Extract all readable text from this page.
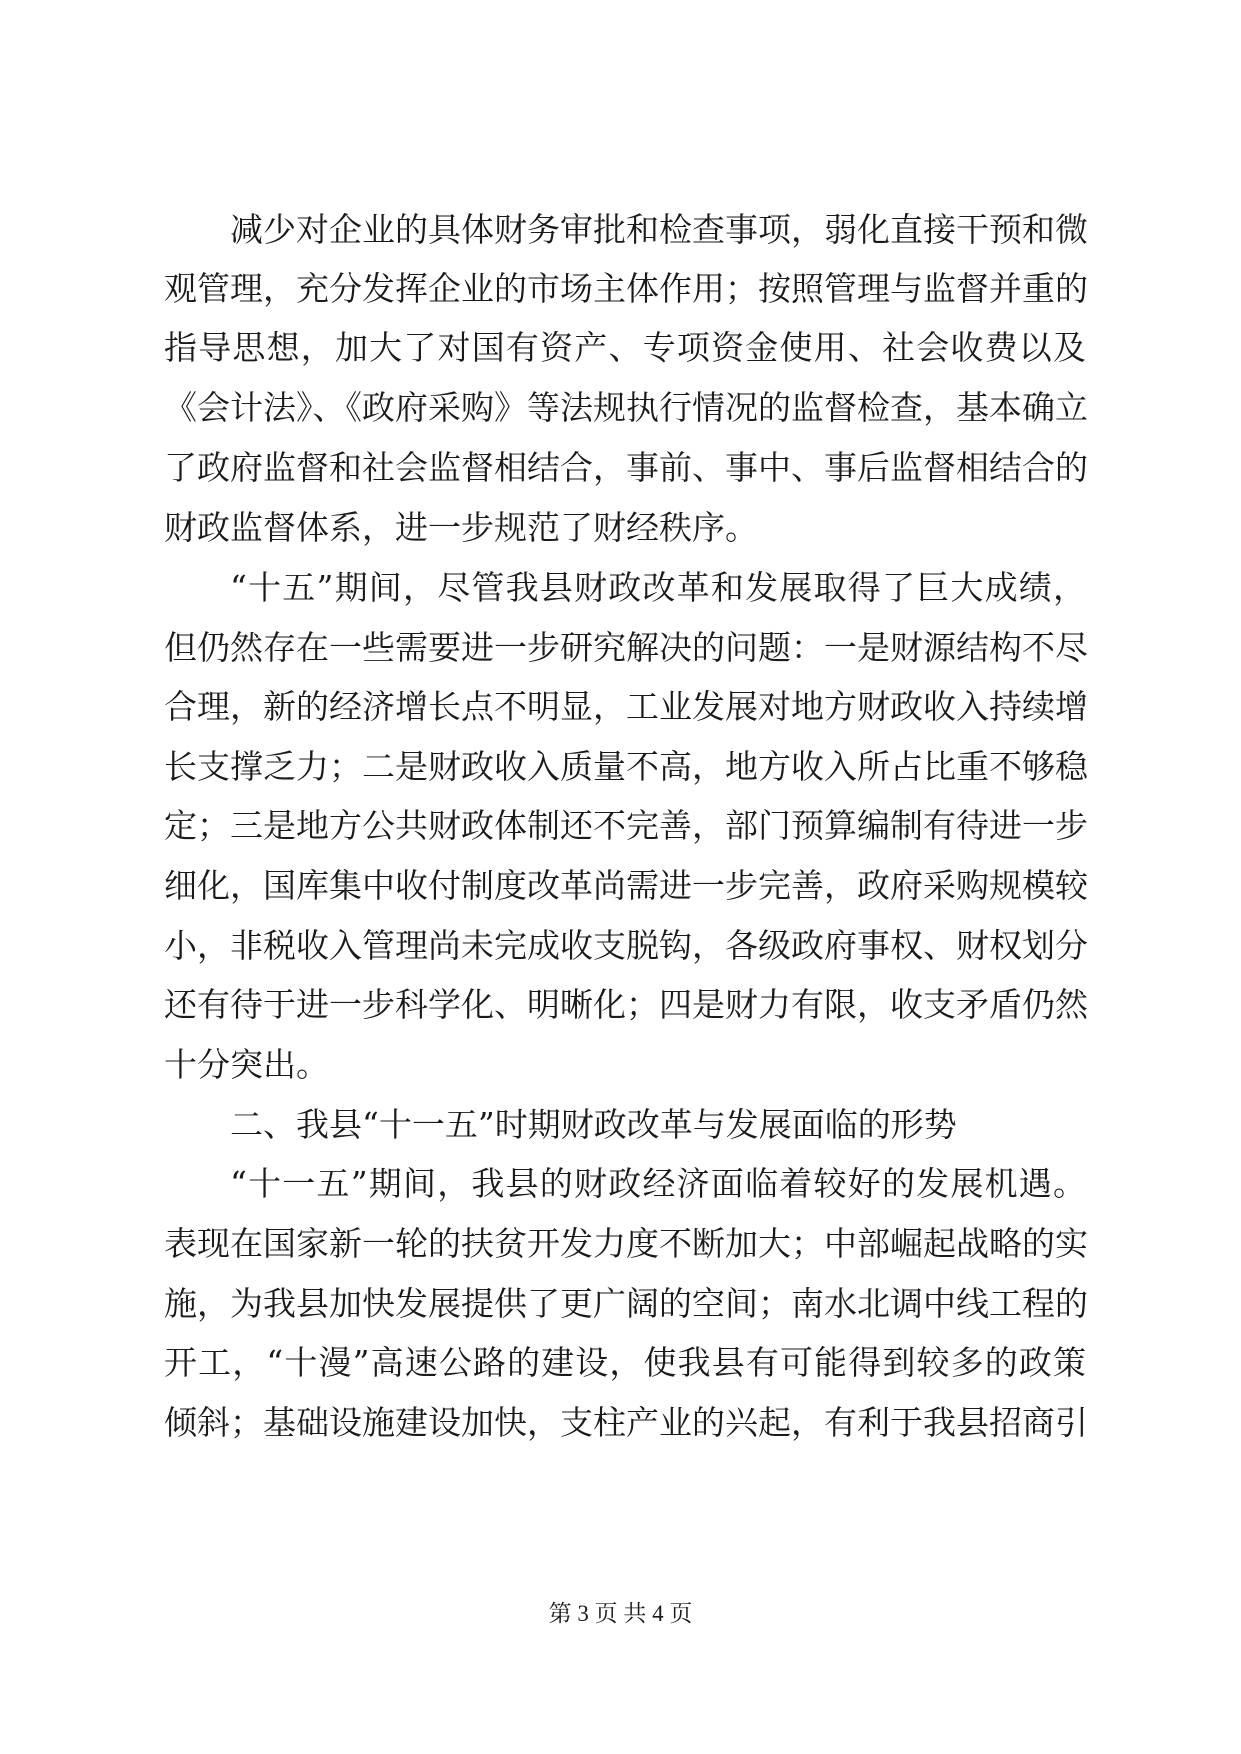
减少对企业的具体财务审批和检查事项，弱化直接干预和微
观管理，充分发挥企业的市场主体作用；按照管理与监督并重的
指导思想，加大了对国有资产、专项资金使用、社会收费以及
《会计法》、《政府采购》等法规执行情况的监督检查，基本确立
了政府监督和社会监督相结合，事前、事中、事后监督相结合的
财政监督体系，进一步规范了财经秩序。
“十五”期间，尽管我县财政改革和发展取得了巨大成绩，
但仍然存在一些需要进一步研究解决的问题：一是财源结构不尽
合理，新的经济增长点不明显，工业发展对地方财政收入持续增
长支撑乏力；二是财政收入质量不高，地方收入所占比重不够稳
定；三是地方公共财政体制还不完善，部门预算编制有待进一步
细化，国库集中收付制度改革尚需进一步完善，政府采购规模较
小，非税收入管理尚未完成收支脱钩，各级政府事权、财权划分
还有待于进一步科学化、明晰化；四是财力有限，收支矛盾仍然
十分突出。
二、我县“十一五”时期财政改革与发展面临的形势
“十一五”期间，我县的财政经济面临着较好的发展机遇。
表现在国家新一轮的扶贫开发力度不断加大；中部崛起战略的实
施，为我县加快发展提供了更广阔的空间；南水北调中线工程的
开工，“十漫”高速公路的建设，使我县有可能得到较多的政策
倾斜；基础设施建设加快，支柱产业的兴起，有利于我县招商引
第 3 页 共 4 页
